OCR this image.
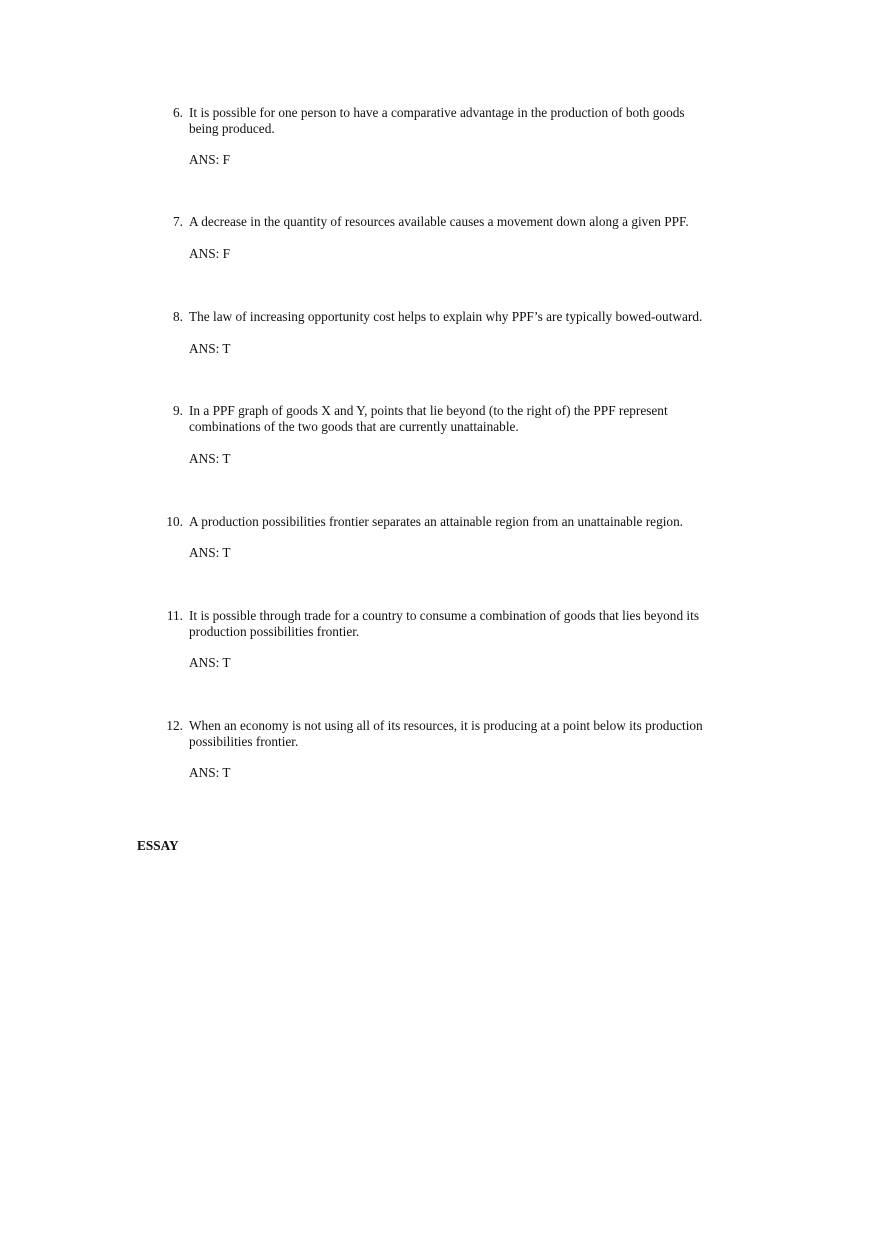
6. It is possible for one person to have a comparative advantage in the production of both goods being produced.
ANS: F
7. A decrease in the quantity of resources available causes a movement down along a given PPF.
ANS: F
8. The law of increasing opportunity cost helps to explain why PPF’s are typically bowed-outward.
ANS: T
9. In a PPF graph of goods X and Y, points that lie beyond (to the right of) the PPF represent combinations of the two goods that are currently unattainable.
ANS: T
10. A production possibilities frontier separates an attainable region from an unattainable region.
ANS: T
11. It is possible through trade for a country to consume a combination of goods that lies beyond its production possibilities frontier.
ANS: T
12. When an economy is not using all of its resources, it is producing at a point below its production possibilities frontier.
ANS: T
ESSAY
